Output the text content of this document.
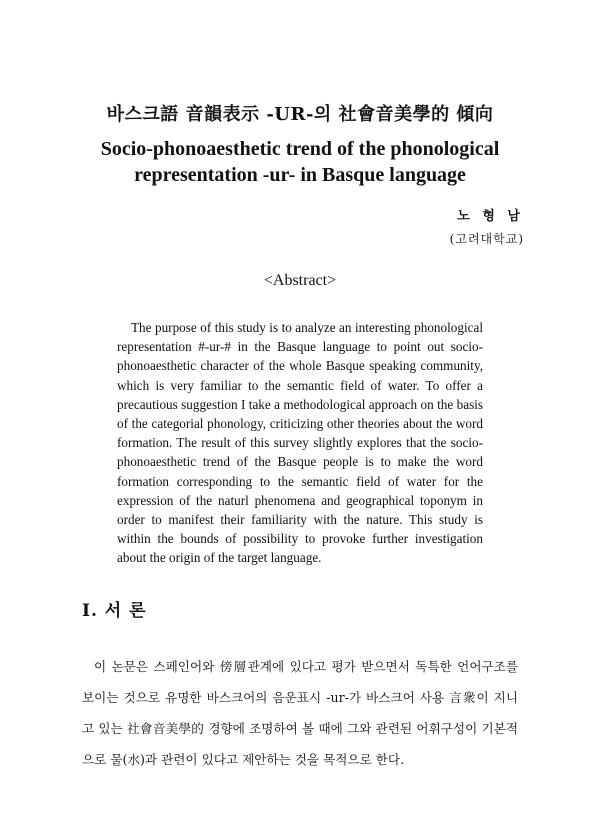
바스크語 音韻表示 -UR-의 社會音美學的 傾向
Socio-phonoaesthetic trend of the phonological representation -ur- in Basque language
노 형 남
(고려대학교)
<Abstract>

The purpose of this study is to analyze an interesting phonological representation #-ur-# in the Basque language to point out socio- phonoaesthetic character of the whole Basque speaking community, which is very familiar to the semantic field of water. To offer a precautious suggestion I take a methodological approach on the basis of the categorial phonology, criticizing other theories about the word formation. The result of this survey slightly explores that the socio-phonoaesthetic trend of the Basque people is to make the word formation corresponding to the semantic field of water for the expression of the naturl phenomena and geographical toponym in order to manifest their familiarity with the nature. This study is within the bounds of possibility to provoke further investigation about the origin of the target language.

I. 서 론

이 논문은 스페인어와 傍層관계에 있다고 평가 받으면서 독특한 언어구조를 보이는 것으로 유명한 바스크어의 음운표시 -ur-가 바스크어 사용 言衆이 지니고 있는 社會音美學的 경향에 조명하여 볼 때에 그와 관련된 어휘구성이 기본적으로 물(水)과 관련이 있다고 제안하는 것을 목적으로 한다.
